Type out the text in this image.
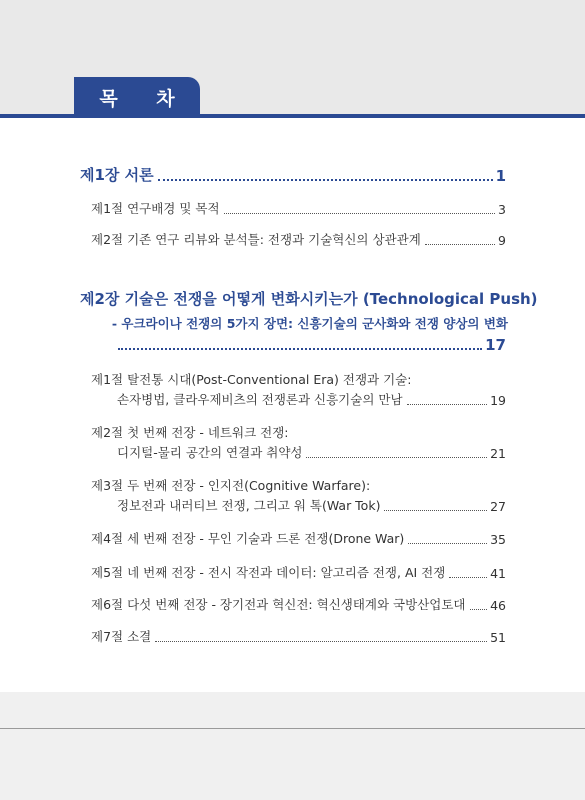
목 차
제1장 서론	1
제1절 연구배경 및 목적	3
제2절 기존 연구 리뷰와 분석틀: 전쟁과 기술혁신의 상관관계	9
제2장 기술은 전쟁을 어떻게 변화시키는가 (Technological Push)
- 우크라이나 전쟁의 5가지 장면: 신흥기술의 군사화와 전쟁 양상의 변화
17
제1절 탈전통 시대(Post-Conventional Era) 전쟁과 기술:
손자병법, 클라우제비츠의 전쟁론과 신흥기술의 만남	19
제2절 첫 번째 전장 - 네트워크 전쟁:
디지털-물리 공간의 연결과 취약성	21
제3절 두 번째 전장 - 인지전(Cognitive Warfare):
정보전과 내러티브 전쟁, 그리고 워 톡(War Tok)	27
제4절 세 번째 전장 - 무인 기술과 드론 전쟁(Drone War)	35
제5절 네 번째 전장 - 전시 작전과 데이터: 알고리즘 전쟁, AI 전쟁	41
제6절 다섯 번째 전장 - 장기전과 혁신전: 혁신생태계와 국방산업토대 46
제7절 소결	51
